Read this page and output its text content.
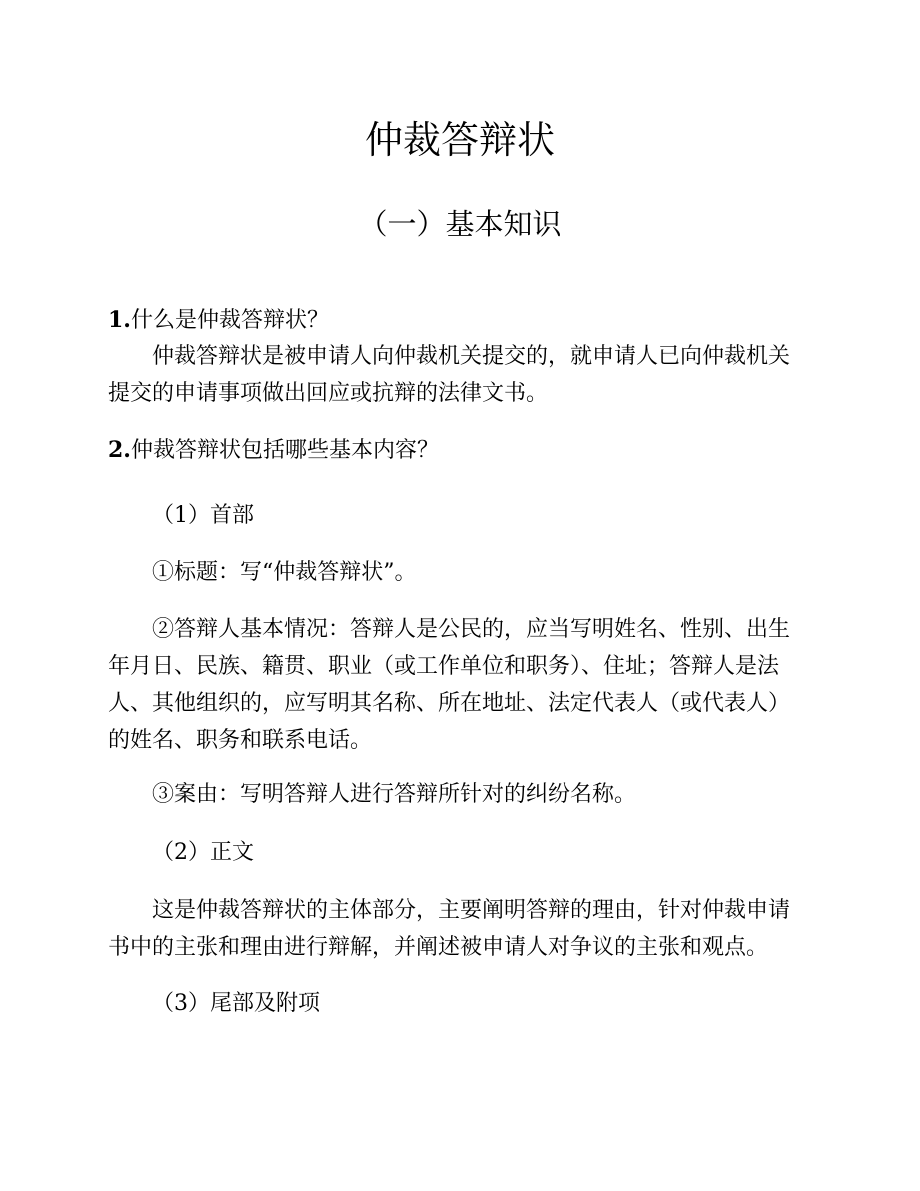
仲裁答辩状
（一）基本知识

1.什么是仲裁答辩状？

仲裁答辩状是被申请人向仲裁机关提交的，就申请人已向仲裁机关提交的申请事项做出回应或抗辩的法律文书。

2.仲裁答辩状包括哪些基本内容？

（1）首部

①标题：写“仲裁答辩状”。

②答辩人基本情况：答辩人是公民的，应当写明姓名、性别、出生年月日、民族、籍贯、职业（或工作单位和职务）、住址；答辩人是法人、其他组织的，应写明其名称、所在地址、法定代表人（或代表人）的姓名、职务和联系电话。

③案由：写明答辩人进行答辩所针对的纠纷名称。

（2）正文

这是仲裁答辩状的主体部分，主要阐明答辩的理由，针对仲裁申请书中的主张和理由进行辩解，并阐述被申请人对争议的主张和观点。

（3）尾部及附项
